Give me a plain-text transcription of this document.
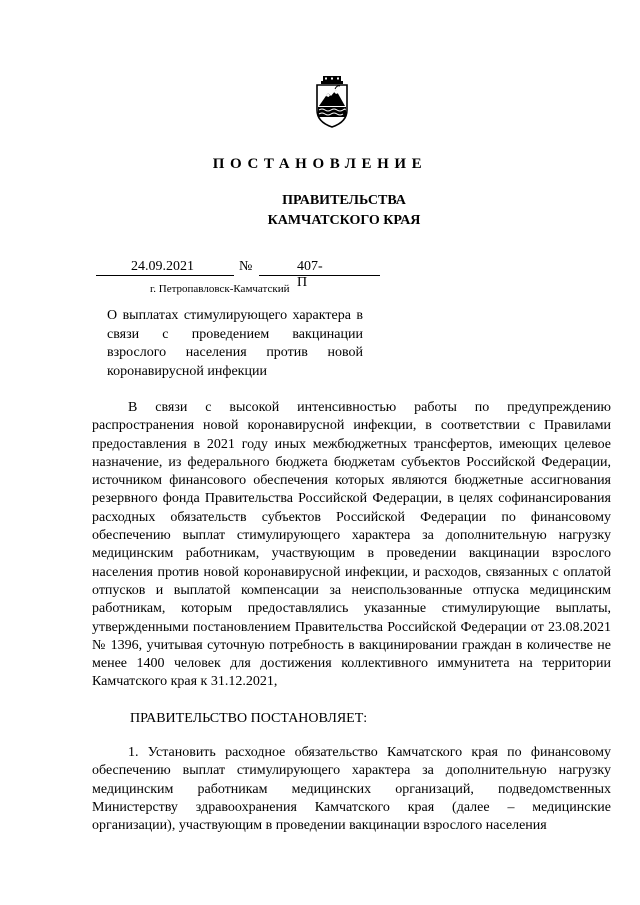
ПОСТАНОВЛЕНИЕ
ПРАВИТЕЛЬСТВА
КАМЧАТСКОГО КРАЯ
24.09.2021	№	407-П
г. Петропавловск-Камчатский
О выплатах стимулирующего характера в связи с проведением вакцинации взрослого населения против новой коронавирусной инфекции
В связи с высокой интенсивностью работы по предупреждению распространения новой коронавирусной инфекции, в соответствии с Правилами предоставления в 2021 году иных межбюджетных трансфертов, имеющих целевое назначение, из федерального бюджета бюджетам субъектов Российской Федерации, источником финансового обеспечения которых являются бюджетные ассигнования резервного фонда Правительства Российской Федерации, в целях софинансирования расходных обязательств субъектов Российской Федерации по финансовому обеспечению выплат стимулирующего характера за дополнительную нагрузку медицинским работникам, участвующим в проведении вакцинации взрослого населения против новой коронавирусной инфекции, и расходов, связанных с оплатой отпусков и выплатой компенсации за неиспользованные отпуска медицинским работникам, которым предоставлялись указанные стимулирующие выплаты, утвержденными постановлением Правительства Российской Федерации от 23.08.2021 № 1396, учитывая суточную потребность в вакцинировании граждан в количестве не менее 1400 человек для достижения коллективного иммунитета на территории Камчатского края к 31.12.2021,
ПРАВИТЕЛЬСТВО ПОСТАНОВЛЯЕТ:
1. Установить расходное обязательство Камчатского края по финансовому обеспечению выплат стимулирующего характера за дополнительную нагрузку медицинским работникам медицинских организаций, подведомственных Министерству здравоохранения Камчатского края (далее – медицинские организации), участвующим в проведении вакцинации взрослого населения
